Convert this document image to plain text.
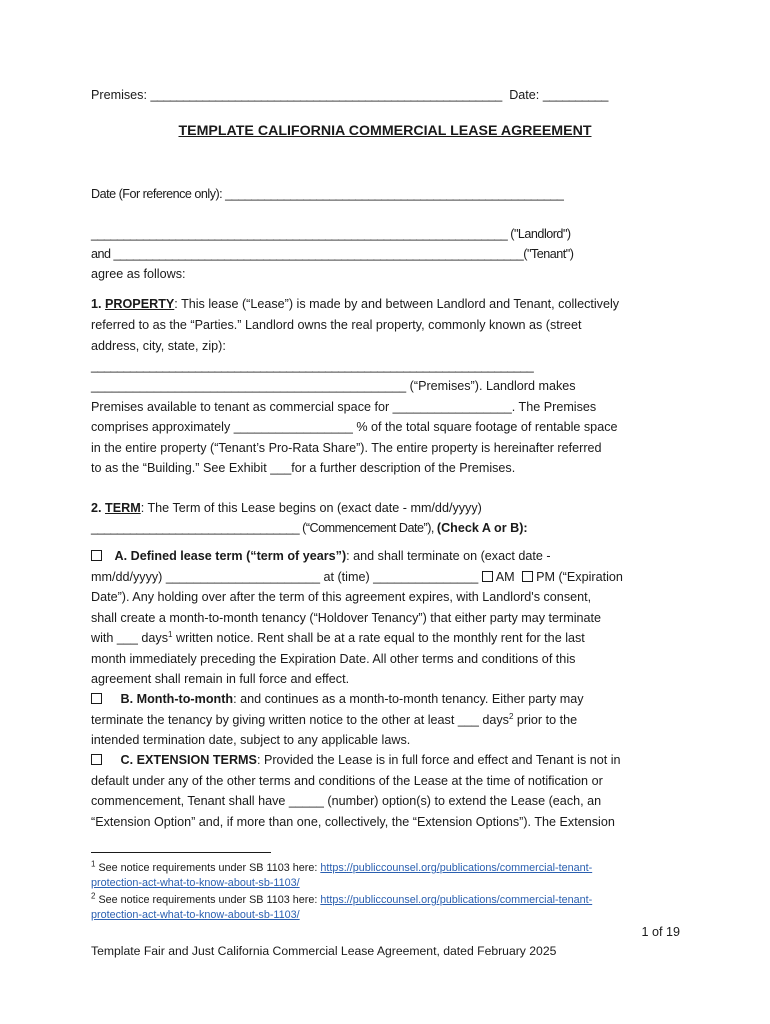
Premises: ______________________________________________________ Date: __________
TEMPLATE CALIFORNIA COMMERCIAL LEASE AGREEMENT
Date (For reference only): ____________________________________________________
________________________________________________________________ ("Landlord")
and _______________________________________________________________("Tenant")
agree as follows:
1. PROPERTY: This lease (“Lease”) is made by and between Landlord and Tenant, collectively
referred to as the “Parties.” Landlord owns the real property, commonly known as (street
address, city, state, zip):
____________________________________________________________________
_____________________________________________ (“Premises”). Landlord makes
Premises available to tenant as commercial space for _________________. The Premises
comprises approximately _________________ % of the total square footage of rentable space
in the entire property (“Tenant’s Pro-Rata Share”). The entire property is hereinafter referred
to as the “Building.” See Exhibit ___for a further description of the Premises.
2. TERM: The Term of this Lease begins on (exact date - mm/dd/yyyy)
________________________________ (“Commencement Date”), (Check A or B):
A. Defined lease term (“term of years”): and shall terminate on (exact date -
mm/dd/yyyy) ______________________ at (time) _______________ AM PM (“Expiration
Date”). Any holding over after the term of this agreement expires, with Landlord's consent,
shall create a month-to-month tenancy (“Holdover Tenancy”) that either party may terminate
with ___ days$^1$ written notice. Rent shall be at a rate equal to the monthly rent for the last
month immediately preceding the Expiration Date. All other terms and conditions of this
agreement shall remain in full force and effect.
B. Month-to-month: and continues as a month-to-month tenancy. Either party may
terminate the tenancy by giving written notice to the other at least ___ days$^2$ prior to the
intended termination date, subject to any applicable laws.
C. EXTENSION TERMS: Provided the Lease is in full force and effect and Tenant is not in
default under any of the other terms and conditions of the Lease at the time of notification or
commencement, Tenant shall have _____ (number) option(s) to extend the Lease (each, an
“Extension Option” and, if more than one, collectively, the “Extension Options”). The Extension
$^1$ See notice requirements under SB 1103 here: https://publiccounsel.org/publications/commercial-tenant-
protection-act-what-to-know-about-sb-1103/
$^2$ See notice requirements under SB 1103 here: https://publiccounsel.org/publications/commercial-tenant-
protection-act-what-to-know-about-sb-1103/
1 of 19
Template Fair and Just California Commercial Lease Agreement, dated February 2025
